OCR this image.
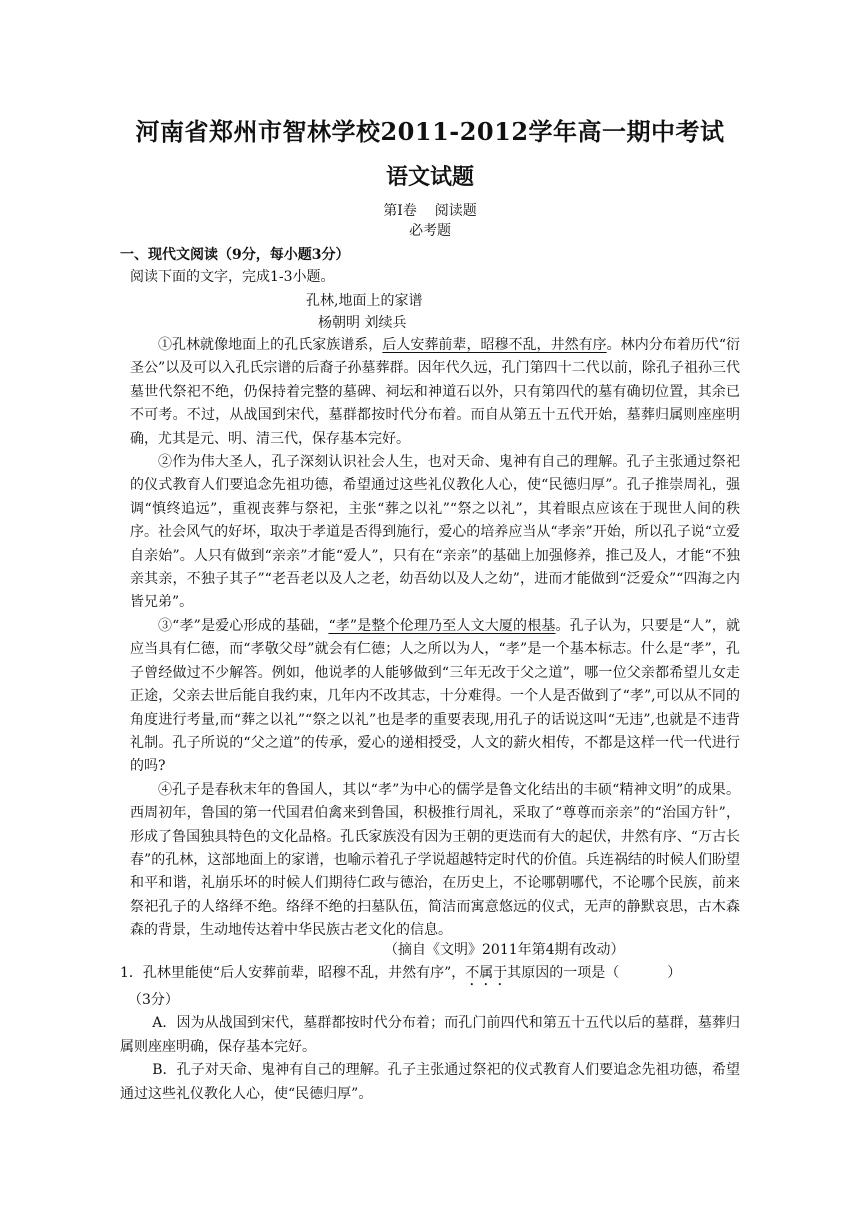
河南省郑州市智林学校2011-2012学年高一期中考试
语文试题
第Ⅰ卷 阅读题
必考题
一、现代文阅读（9分，每小题3分）
阅读下面的文字，完成1-3小题。
孔林,地面上的家谱
杨朝明 刘续兵

①孔林就像地面上的孔氏家族谱系，后人安葬前辈，昭穆不乱，井然有序。林内分布着历代“衍圣公”以及可以入孔氏宗谱的后裔子孙墓葬群。因年代久远，孔门第四十二代以前，除孔子祖孙三代墓世代祭祀不绝，仍保持着完整的墓碑、祠坛和神道石以外，只有第四代的墓有确切位置，其余已不可考。不过，从战国到宋代，墓群都按时代分布着。而自从第五十五代开始，墓葬归属则座座明确，尤其是元、明、清三代，保存基本完好。

②作为伟大圣人，孔子深刻认识社会人生，也对天命、鬼神有自己的理解。孔子主张通过祭祀的仪式教育人们要追念先祖功德，希望通过这些礼仪教化人心，使“民德归厚”。孔子推崇周礼，强调“慎终追远”，重视丧葬与祭祀，主张“葬之以礼”“祭之以礼”，其着眼点应该在于现世人间的秩序。社会风气的好坏，取决于孝道是否得到施行，爱心的培养应当从“孝亲”开始，所以孔子说“立爱自亲始”。人只有做到“亲亲”才能“爱人”，只有在“亲亲”的基础上加强修养，推己及人，才能“不独亲其亲，不独子其子”“老吾老以及人之老，幼吾幼以及人之幼”，进而才能做到“泛爱众”“四海之内皆兄弟”。

③“孝”是爱心形成的基础，“孝”是整个伦理乃至人文大厦的根基。孔子认为，只要是“人”，就应当具有仁德，而“孝敬父母”就会有仁德；人之所以为人，“孝”是一个基本标志。什么是“孝”，孔子曾经做过不少解答。例如，他说孝的人能够做到“三年无改于父之道”，哪一位父亲都希望儿女走正途，父亲去世后能自我约束，几年内不改其志，十分难得。一个人是否做到了“孝”,可以从不同的角度进行考量,而“葬之以礼”“祭之以礼”也是孝的重要表现,用孔子的话说这叫“无违”,也就是不违背礼制。孔子所说的“父之道”的传承，爱心的递相授受，人文的薪火相传，不都是这样一代一代进行的吗?

④孔子是春秋末年的鲁国人，其以“孝”为中心的儒学是鲁文化结出的丰硕“精神文明”的成果。西周初年，鲁国的第一代国君伯禽来到鲁国，积极推行周礼，采取了“尊尊而亲亲”的“治国方针”，形成了鲁国独具特色的文化品格。孔氏家族没有因为王朝的更迭而有大的起伏，井然有序、“万古长春”的孔林，这部地面上的家谱，也喻示着孔子学说超越特定时代的价值。兵连祸结的时候人们盼望和平和谐，礼崩乐坏的时候人们期待仁政与德治，在历史上，不论哪朝哪代，不论哪个民族，前来祭祀孔子的人络绎不绝。络绎不绝的扫墓队伍，简洁而寓意悠远的仪式，无声的静默哀思，古木森森的背景，生动地传达着中华民族古老文化的信息。

（摘自《文明》2011年第4期有改动）

1．孔林里能使“后人安葬前辈，昭穆不乱，井然有序”，不属于其原因的一项是（	）

（3分）

A．因为从战国到宋代，墓群都按时代分布着；而孔门前四代和第五十五代以后的墓群，墓葬归属则座座明确，保存基本完好。

B．孔子对天命、鬼神有自己的理解。孔子主张通过祭祀的仪式教育人们要追念先祖功德，希望通过这些礼仪教化人心，使“民德归厚”。
